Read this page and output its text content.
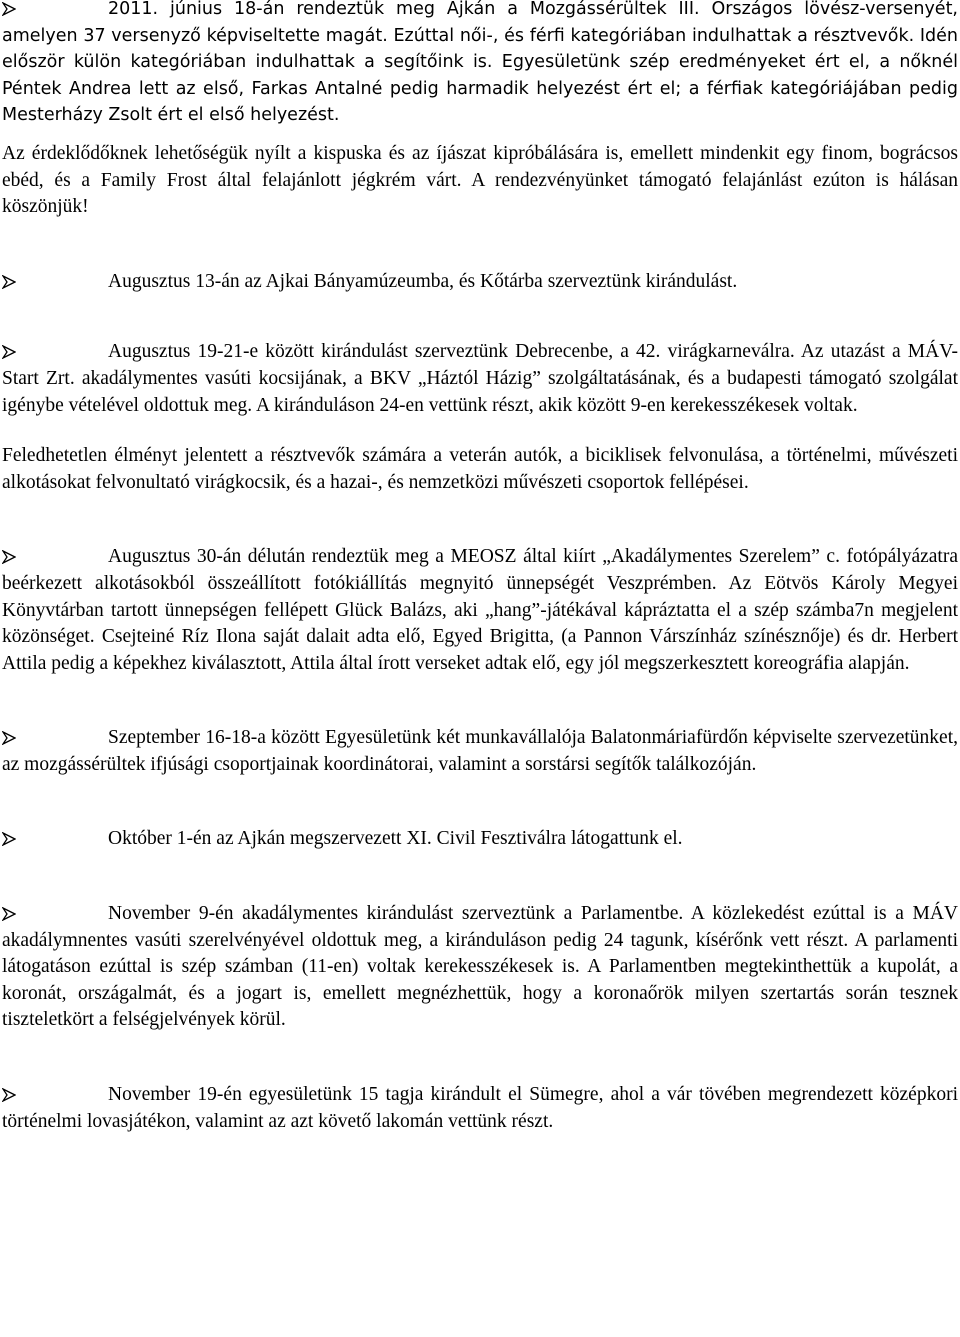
2011. június 18-án rendeztük meg Ajkán a Mozgássérültek III. Országos lövész-versenyét, amelyen 37 versenyző képviseltette magát. Ezúttal női-, és férfi kategóriában indulhattak a résztvevők. Idén először külön kategóriában indulhattak a segítőink is. Egyesületünk szép eredményeket ért el, a nőknél Péntek Andrea lett az első, Farkas Antalné pedig harmadik helyezést ért el; a férfiak kategóriájában pedig Mesterházy Zsolt ért el első helyezést.

Az érdeklődőknek lehetőségük nyílt a kispuska és az íjászat kipróbálására is, emellett mindenkit egy finom, bográcsos ebéd, és a Family Frost által felajánlott jégkrém várt. A rendezvényünket támogató felajánlást ezúton is hálásan köszönjük!

Augusztus 13-án az Ajkai Bányamúzeumba, és Kőtárba szerveztünk kirándulást.

Augusztus 19-21-e között kirándulást szerveztünk Debrecenbe, a 42. virágkarneválra. Az utazást a MÁV-Start Zrt. akadálymentes vasúti kocsijának, a BKV „Háztól Házig” szolgáltatásának, és a budapesti támogató szolgálat igénybe vételével oldottuk meg. A kiránduláson 24-en vettünk részt, akik között 9-en kerekesszékesek voltak.

Feledhetetlen élményt jelentett a résztvevők számára a veterán autók, a biciklisek felvonulása, a történelmi, művészeti alkotásokat felvonultató virágkocsik, és a hazai-, és nemzetközi művészeti csoportok fellépései.

Augusztus 30-án délután rendeztük meg a MEOSZ által kiírt „Akadálymentes Szerelem” c. fotópályázatra beérkezett alkotásokból összeállított fotókiállítás megnyitó ünnepségét Veszprémben. Az Eötvös Károly Megyei Könyvtárban tartott ünnepségen fellépett Glück Balázs, aki „hang”-játékával kápráztatta el a szép számba7n megjelent közönséget. Csejteiné Ríz Ilona saját dalait adta elő, Egyed Brigitta, (a Pannon Várszínház színésznője) és dr. Herbert Attila pedig a képekhez kiválasztott, Attila által írott verseket adtak elő, egy jól megszerkesztett koreográfia alapján.

Szeptember 16-18-a között Egyesületünk két munkavállalója Balatonmáriafürdőn képviselte szervezetünket, az mozgássérültek ifjúsági csoportjainak koordinátorai, valamint a sorstársi segítők találkozóján.

Október 1-én az Ajkán megszervezett XI. Civil Fesztiválra látogattunk el.

November 9-én akadálymentes kirándulást szerveztünk a Parlamentbe. A közlekedést ezúttal is a MÁV akadálymnentes vasúti szerelvényével oldottuk meg, a kiránduláson pedig 24 tagunk, kísérőnk vett részt. A parlamenti látogatáson ezúttal is szép számban (11-en) voltak kerekesszékesek is. A Parlamentben megtekinthettük a kupolát, a koronát, országalmát, és a jogart is, emellett megnézhettük, hogy a koronaőrök milyen szertartás során tesznek tiszteletkört a felségjelvények körül.

November 19-én egyesületünk 15 tagja kirándult el Sümegre, ahol a vár tövében megrendezett középkori történelmi lovasjátékon, valamint az azt követő lakomán vettünk részt.
